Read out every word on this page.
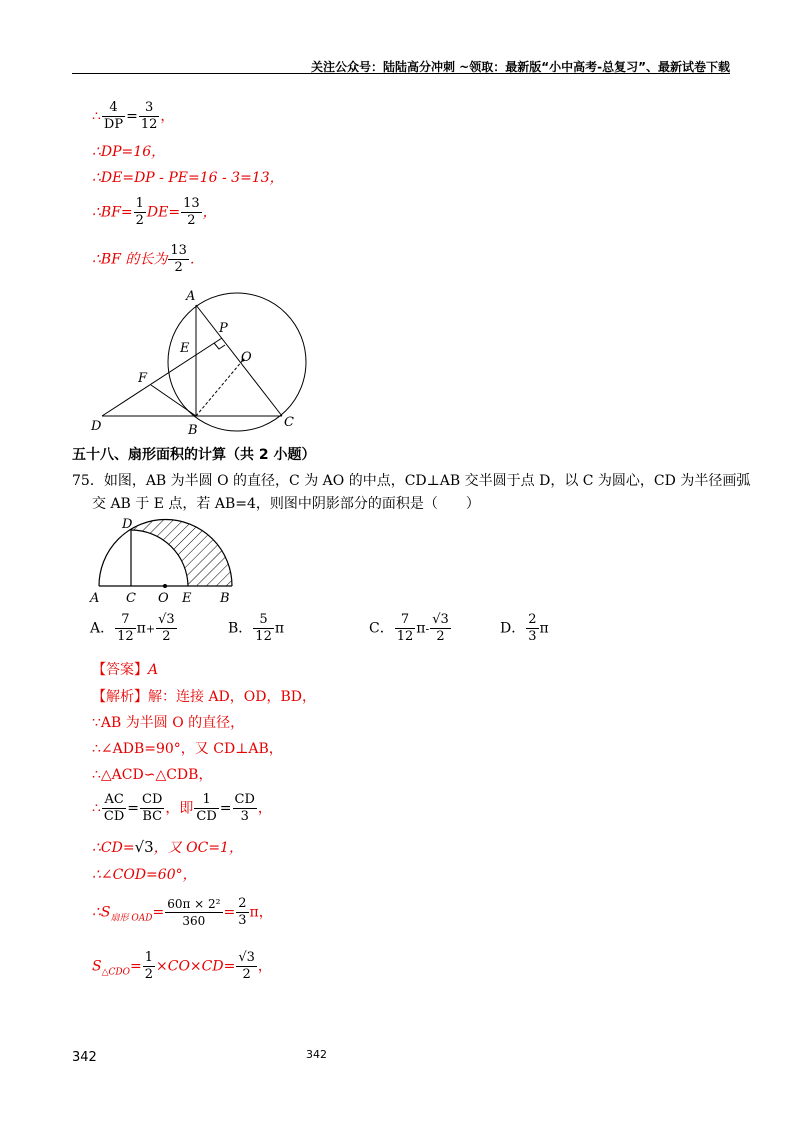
关注公众号：陆陆高分冲刺 ~领取：最新版“小中高考-总复习”、最新试卷下载
∴ $\frac{4}{DP} = \frac{3}{12}$ ，
∴DP=16，
∴DE=DP - PE=16 - 3=13，
∴BF= $\frac{1}{2} DE= \frac{13}{2}$ ，
∴BF 的长为 $\frac{13}{2}$ ．
A
P
E
O
F
D	B
C
五十八、扇形面积的计算（共 2 小题）
75．如图，AB 为半圆 O 的直径，C 为 AO 的中点，CD⊥AB 交半圆于点 D，以 C 为圆心，CD 为半径画弧
交 AB 于 E 点，若 AB=4，则图中阴影部分的面积是（　　）
D
A C O E B
A． $\frac{7}{12} \pi+ \frac{√3}{2}$	B． $\frac{5}{12}$ π	C． $\frac{7}{12} \pi- \frac{√3}{2}$	D． $\frac{2}{3}$ π
【答案】A
【解析】解：连接 AD，OD，BD，
∵AB 为半圆 O 的直径，
∴∠ADB=90°，又 CD⊥AB，
∴△ACD∽△CDB，
∴ $\frac{AC}{CD} = \frac{CD}{BC}$ ，即 $\frac{1}{CD} = \frac{CD}{3}$ ，
∴CD=√3，又 OC=1，
∴∠COD=60°，
$\therefore S_{扇形 OAD}= \frac{\text{60π × 2²}}{360} = \frac{2}{3}$ π，
$S_{\triangle CDO}= \frac{1}{2} \times CO\times CD= \frac{√3}{2}$ ，
342	342
